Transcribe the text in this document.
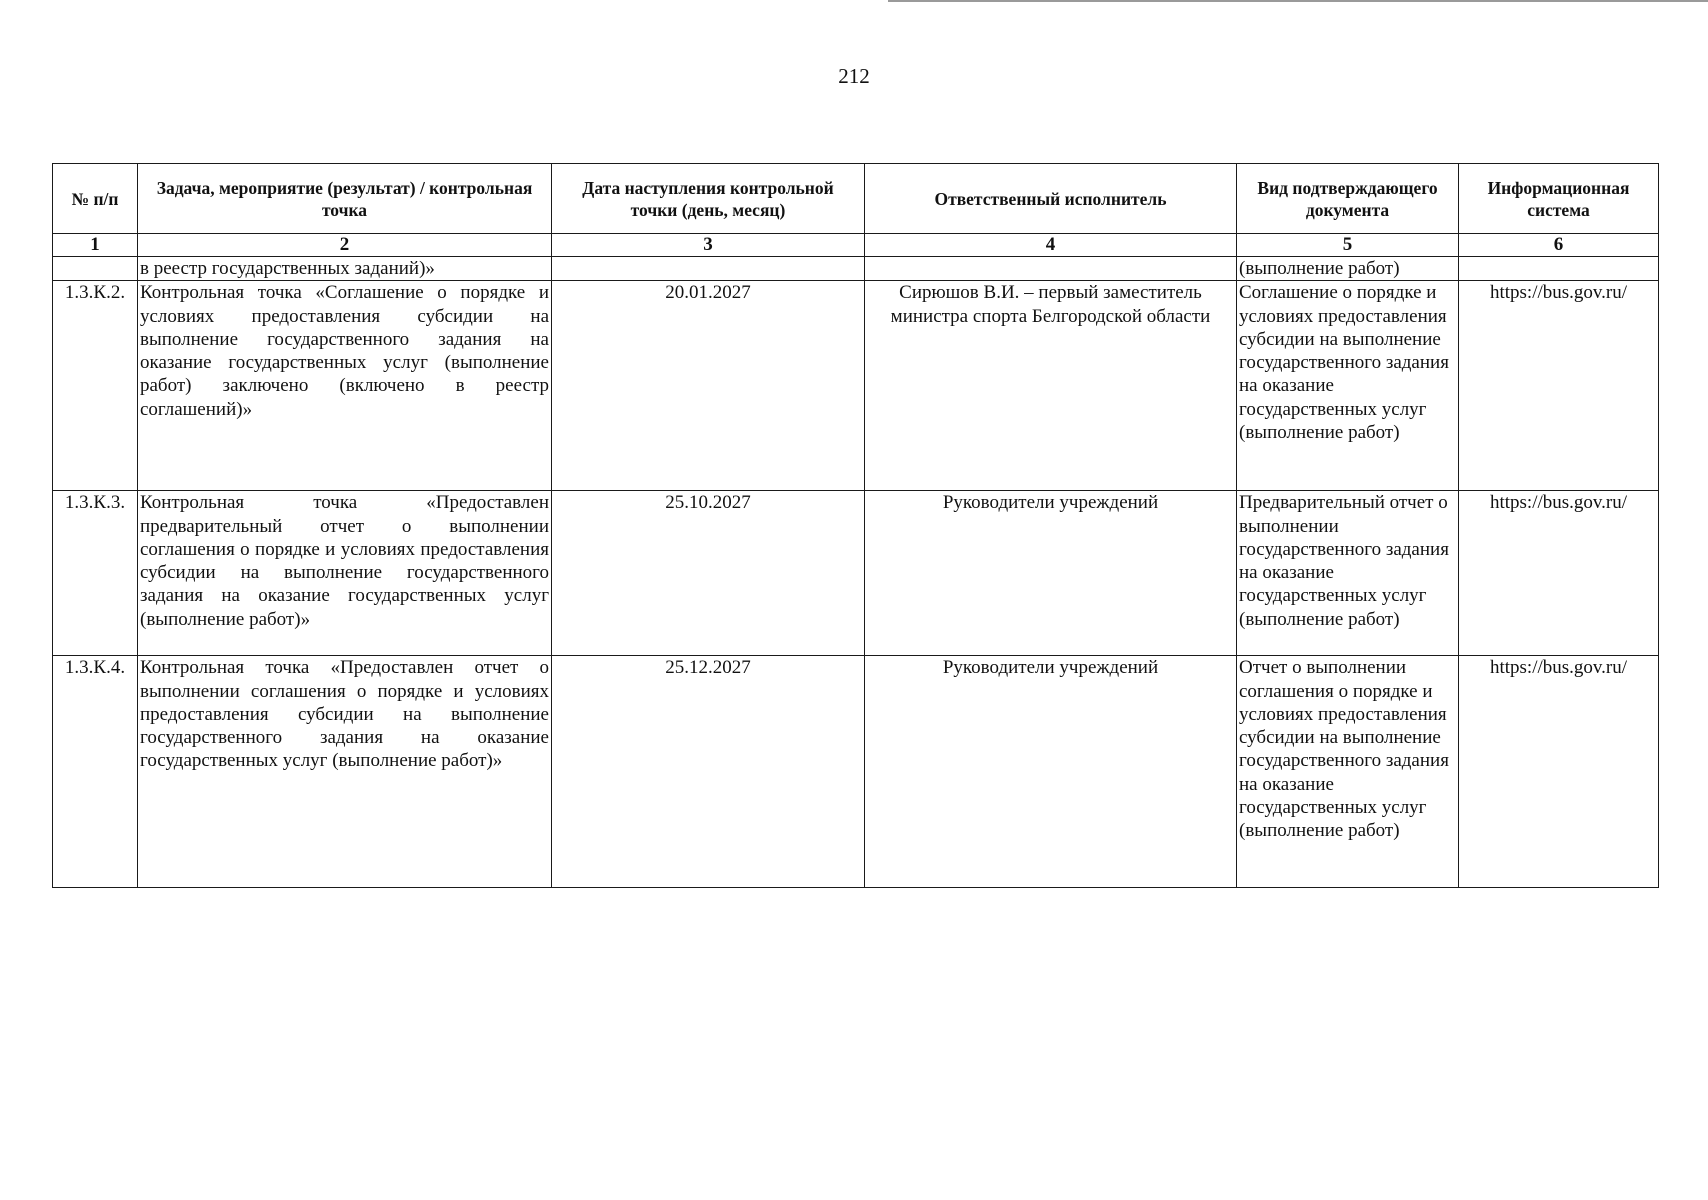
212
№ п/п	Задача, мероприятие (результат) / контрольная точка	Дата наступления контрольной точки (день, месяц)	Ответственный исполнитель	Вид подтверждающего документа	Информационная система
1	2	3	4	5	6
	в реестр государственных заданий)»			(выполнение работ)	
1.3.К.2.	Контрольная точка «Соглашение о порядке и условиях предоставления субсидии на выполнение государственного задания на оказание государственных услуг (выполнение работ) заключено (включено в реестр соглашений)»	20.01.2027	Сирюшов В.И. – первый заместитель министра спорта Белгородской области	Соглашение о порядке и условиях предоставления субсидии на выполнение государственного задания на оказание государственных услуг (выполнение работ)	https://bus.gov.ru/
1.3.К.3.	Контрольная точка «Предоставлен предварительный отчет о выполнении соглашения о порядке и условиях предоставления субсидии на выполнение государственного задания на оказание государственных услуг (выполнение работ)»	25.10.2027	Руководители учреждений	Предварительный отчет о выполнении государственного задания на оказание государственных услуг (выполнение работ)	https://bus.gov.ru/
1.3.К.4.	Контрольная точка «Предоставлен отчет о выполнении соглашения о порядке и условиях предоставления субсидии на выполнение государственного задания на оказание государственных услуг (выполнение работ)»	25.12.2027	Руководители учреждений	Отчет о выполнении соглашения о порядке и условиях предоставления субсидии на выполнение государственного задания на оказание государственных услуг (выполнение работ)	https://bus.gov.ru/
